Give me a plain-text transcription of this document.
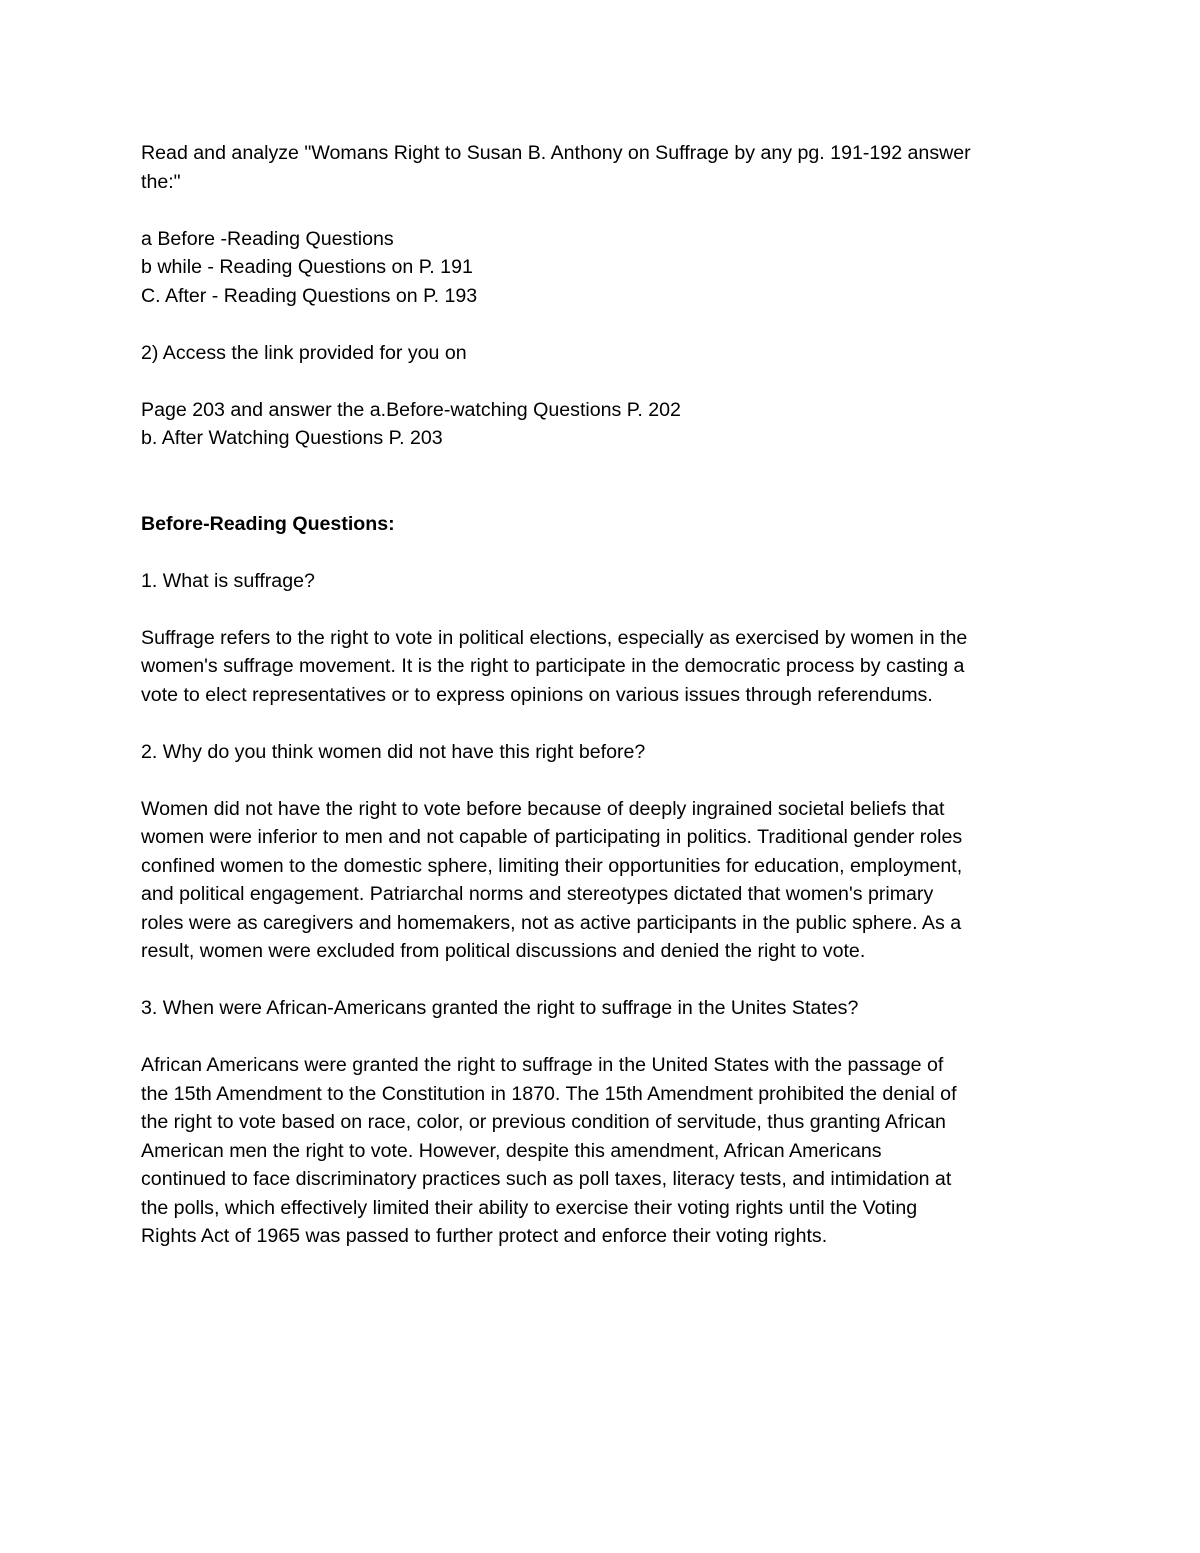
Read and analyze "Womans Right to Susan B. Anthony on Suffrage by any pg. 191-192 answer
the:"

a Before -Reading Questions
b while - Reading Questions on P. 191
C. After - Reading Questions on P. 193

2) Access the link provided for you on

Page 203 and answer the a.Before-watching Questions P. 202
b. After Watching Questions P. 203

Before-Reading Questions:

1. What is suffrage?

Suffrage refers to the right to vote in political elections, especially as exercised by women in the
women's suffrage movement. It is the right to participate in the democratic process by casting a
vote to elect representatives or to express opinions on various issues through referendums.

2. Why do you think women did not have this right before?

Women did not have the right to vote before because of deeply ingrained societal beliefs that
women were inferior to men and not capable of participating in politics. Traditional gender roles
confined women to the domestic sphere, limiting their opportunities for education, employment,
and political engagement. Patriarchal norms and stereotypes dictated that women's primary
roles were as caregivers and homemakers, not as active participants in the public sphere. As a
result, women were excluded from political discussions and denied the right to vote.

3. When were African-Americans granted the right to suffrage in the Unites States?

African Americans were granted the right to suffrage in the United States with the passage of
the 15th Amendment to the Constitution in 1870. The 15th Amendment prohibited the denial of
the right to vote based on race, color, or previous condition of servitude, thus granting African
American men the right to vote. However, despite this amendment, African Americans
continued to face discriminatory practices such as poll taxes, literacy tests, and intimidation at
the polls, which effectively limited their ability to exercise their voting rights until the Voting
Rights Act of 1965 was passed to further protect and enforce their voting rights.
